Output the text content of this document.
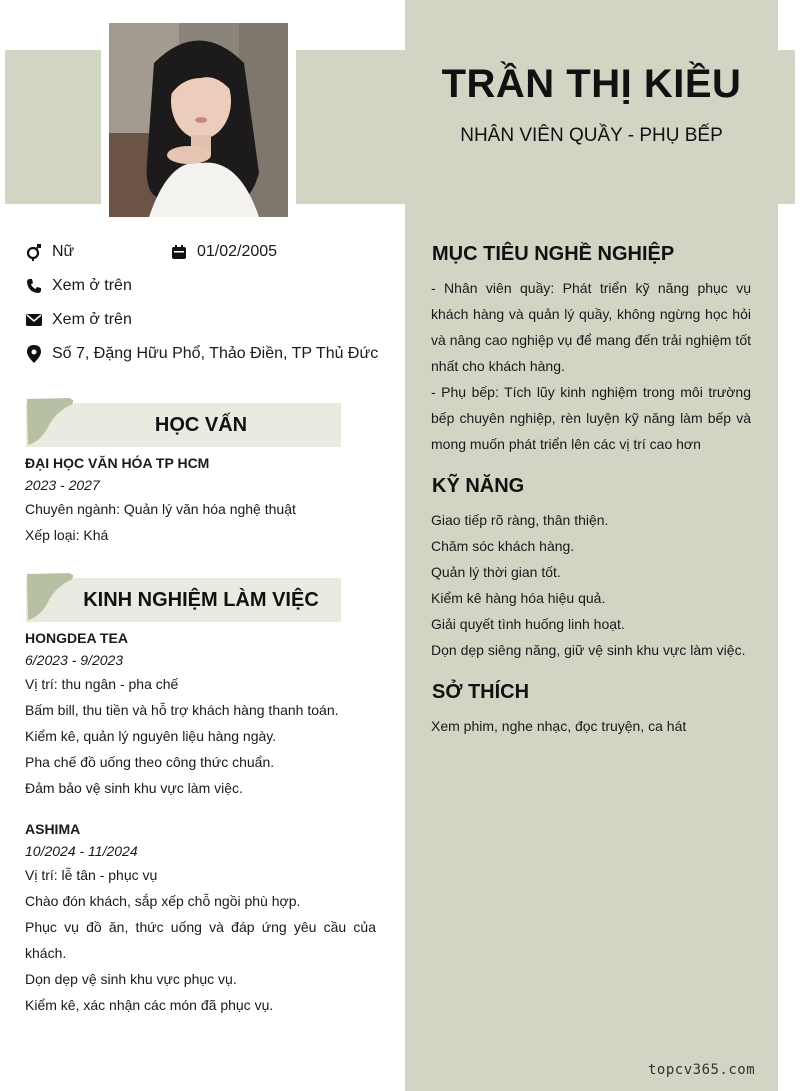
TRẦN THỊ KIỀU
NHÂN VIÊN QUẦY - PHỤ BẾP
Nữ	01/02/2005
Xem ở trên
Xem ở trên
Số 7, Đặng Hữu Phổ, Thảo Điền, TP Thủ Đức
HỌC VẤN
ĐẠI HỌC VĂN HÓA TP HCM
2023 - 2027
Chuyên ngành: Quản lý văn hóa nghệ thuật
Xếp loại: Khá
KINH NGHIỆM LÀM VIỆC
HONGDEA TEA
6/2023 - 9/2023
Vị trí: thu ngân - pha chế
Bấm bill, thu tiền và hỗ trợ khách hàng thanh toán.
Kiểm kê, quản lý nguyên liệu hàng ngày.
Pha chế đồ uống theo công thức chuẩn.
Đảm bảo vệ sinh khu vực làm việc.
ASHIMA
10/2024 - 11/2024
Vị trí: lễ tân - phục vụ
Chào đón khách, sắp xếp chỗ ngồi phù hợp.
Phục vụ đồ ăn, thức uống và đáp ứng yêu cầu của khách.
Dọn dẹp vệ sinh khu vực phục vụ.
Kiểm kê, xác nhận các món đã phục vụ.
MỤC TIÊU NGHỀ NGHIỆP
- Nhân viên quầy: Phát triển kỹ năng phục vụ khách hàng và quản lý quầy, không ngừng học hỏi và nâng cao nghiệp vụ để mang đến trải nghiệm tốt nhất cho khách hàng.
- Phụ bếp: Tích lũy kinh nghiệm trong môi trường bếp chuyên nghiệp, rèn luyện kỹ năng làm bếp và mong muốn phát triển lên các vị trí cao hơn
KỸ NĂNG
Giao tiếp rõ ràng, thân thiện.
Chăm sóc khách hàng.
Quản lý thời gian tốt.
Kiểm kê hàng hóa hiệu quả.
Giải quyết tình huống linh hoạt.
Dọn dẹp siêng năng, giữ vệ sinh khu vực làm việc.
SỞ THÍCH
Xem phim, nghe nhạc, đọc truyện, ca hát
topcv365.com
